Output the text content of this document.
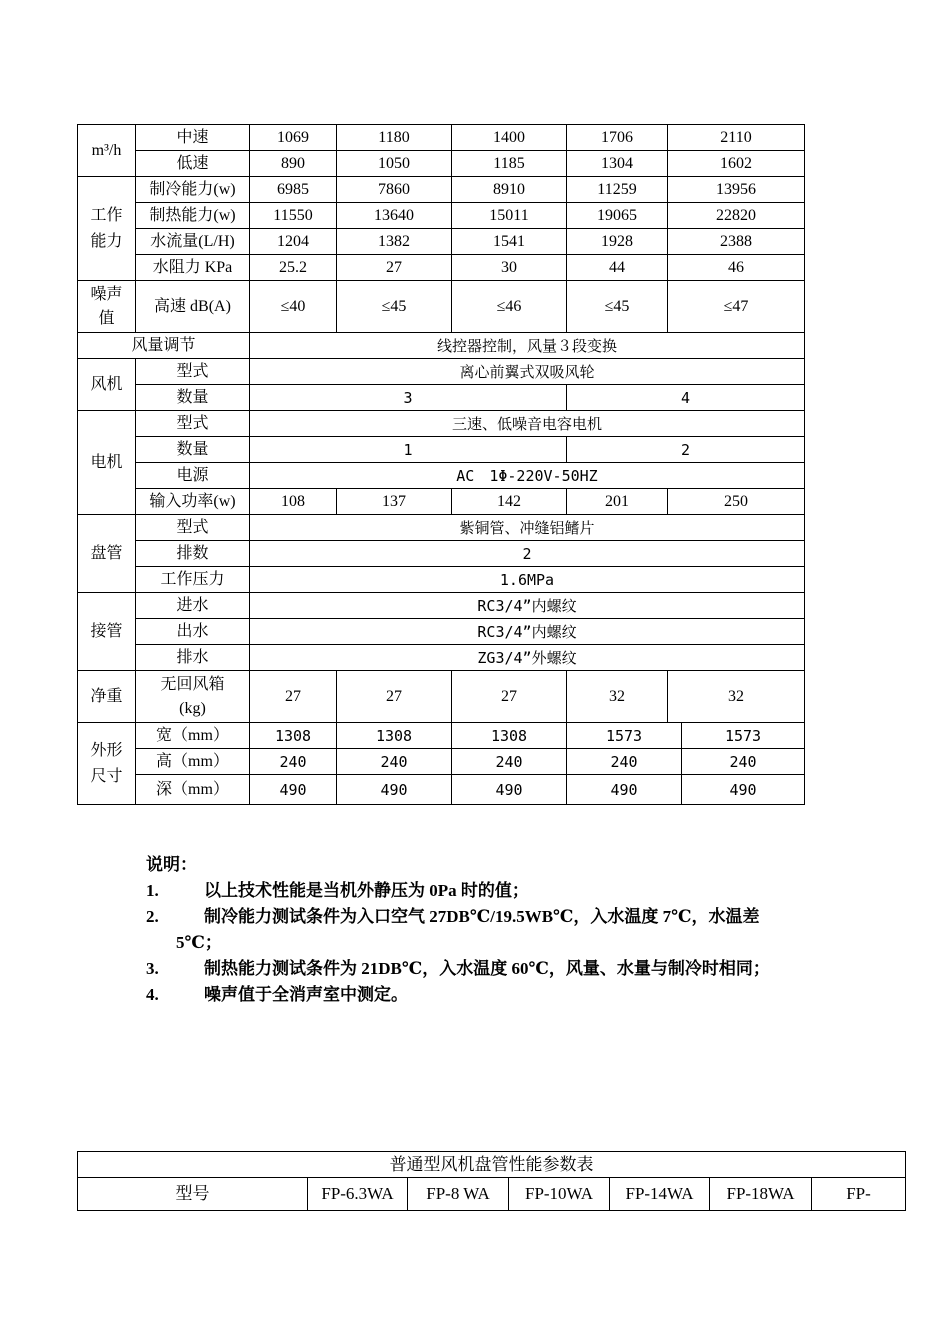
m³/h	中速	1069	1180	1400	1706	2110	
	低速	890	1050	1185	1304	1602	
工作能力	制冷能力(w)	6985	7860	8910	11259	13956	
	制热能力(w)	11550	13640	15011	19065	22820	
	水流量(L/H)	1204	1382	1541	1928	2388	
	水阻力 KPa	25.2	27	30	44	46	
噪声值	高速 dB(A)	≤40	≤45	≤46	≤45	≤47	
风量调节		线控器控制，风量３段变换					
风机	型式	离心前翼式双吸风轮					
	数量	3			4		
电机	型式	三速、低噪音电容电机					
	数量	1			2		
	电源	AC　1Φ-220V-50HZ					
	输入功率(w)	108	137	142	201	250	
盘管	型式	紫铜管、冲缝铝鳍片					
	排数	2					
	工作压力	1.6MPa					
接管	进水	RC3/4”内螺纹					
	出水	RC3/4”内螺纹					
	排水	ZG3/4”外螺纹					
净重	无回风箱(kg)	27	27	27	32	32	
外形尺寸	宽（mm）	1308	1308	1308	1573		1573
	高（mm）	240	240	240	240		240
	深（mm）	490	490	490	490		490

说明：

1.	以上技术性能是当机外静压为 0Pa 时的值；

2.	制冷能力测试条件为入口空气 27DB℃/19.5WB℃，入水温度 7℃，水温差 5℃；

3.	制热能力测试条件为 21DB℃，入水温度 60℃，风量、水量与制冷时相同；

4.	噪声值于全消声室中测定。

普通型风机盘管性能参数表
型号	FP-6.3WA	FP-8 WA	FP-10WA	FP-14WA	FP-18WA	FP-
